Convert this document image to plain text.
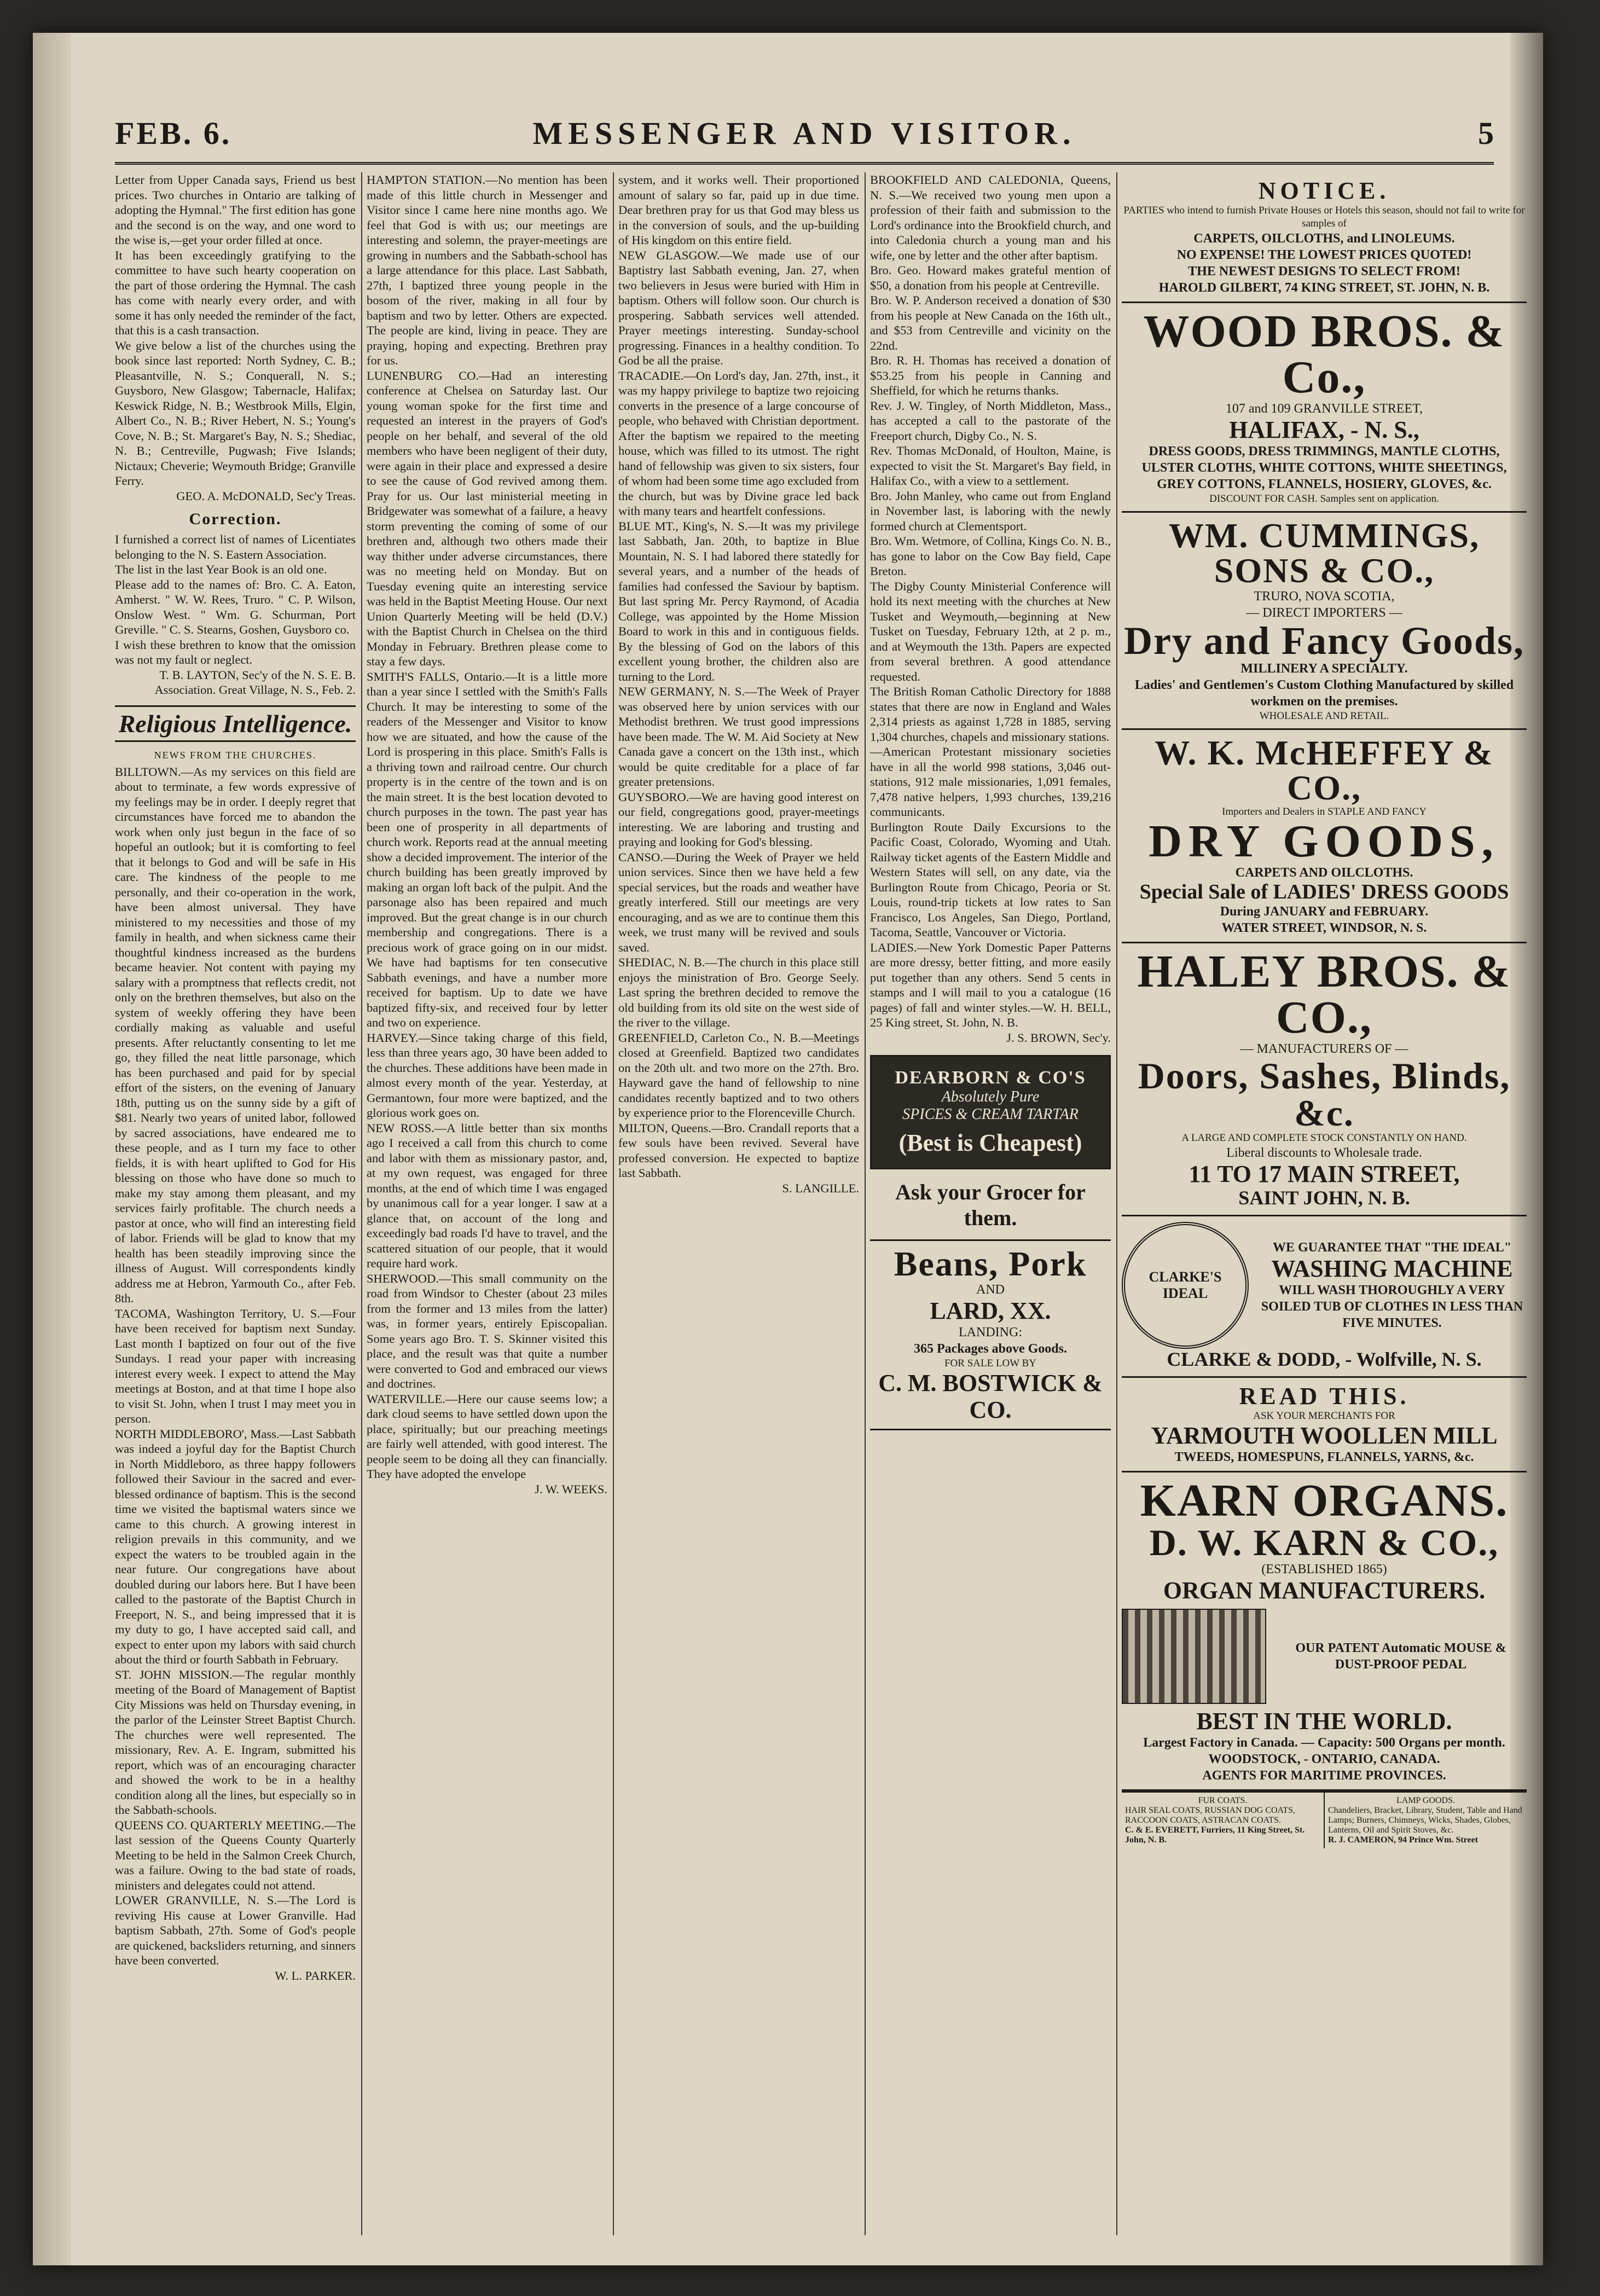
FEB. 6.	MESSENGER AND VISITOR.	5
Letter from Upper Canada says, Friend us best prices. Two churches in Ontario are talking of adopting the Hymnal." The first edition has gone and the second is on the way, and one word to the wise is,—get your order filled at once.
It has been exceedingly gratifying to the committee to have such hearty cooperation on the part of those ordering the Hymnal. The cash has come with nearly every order, and with some it has only needed the reminder of the fact, that this is a cash transaction.
We give below a list of the churches using the book since last reported: North Sydney, C. B.; Pleasantville, N. S.; Conquerall, N. S.; Guysboro, New Glasgow; Tabernacle, Halifax; Keswick Ridge, N. B.; Westbrook Mills, Elgin, Albert Co., N. B.; River Hebert, N. S.; Young's Cove, N. B.; St. Margaret's Bay, N. S.; Shediac, N. B.; Centreville, Pugwash; Five Islands; Nictaux; Cheverie; Weymouth Bridge; Granville Ferry.
GEO. A. McDONALD, Sec'y Treas.
Correction.
I furnished a correct list of names of Licentiates belonging to the N. S. Eastern Association.
The list in the last Year Book is an old one.
Please add to the names of: Bro. C. A. Eaton, Amherst. " W. W. Rees, Truro. " C. P. Wilson, Onslow West. " Wm. G. Schurman, Port Greville. " C. S. Stearns, Goshen, Guysboro co.
I wish these brethren to know that the omission was not my fault or neglect.
T. B. LAYTON, Sec'y of the N. S. E. B. Association. Great Village, N. S., Feb. 2.
Religious Intelligence.
NEWS FROM THE CHURCHES.
BILLTOWN.—As my services on this field are about to terminate, a few words expressive of my feelings may be in order. I deeply regret that circumstances have forced me to abandon the work when only just begun in the face of so hopeful an outlook; but it is comforting to feel that it belongs to God and will be safe in His care. The kindness of the people to me personally, and their co-operation in the work, have been almost universal. They have ministered to my necessities and those of my family in health, and when sickness came their thoughtful kindness increased as the burdens became heavier. Not content with paying my salary with a promptness that reflects credit, not only on the brethren themselves, but also on the system of weekly offering they have been cordially making as valuable and useful presents. After reluctantly consenting to let me go, they filled the neat little parsonage, which has been purchased and paid for by special effort of the sisters, on the evening of January 18th, putting us on the sunny side by a gift of $81. Nearly two years of united labor, followed by sacred associations, have endeared me to these people, and as I turn my face to other fields, it is with heart uplifted to God for His blessing on those who have done so much to make my stay among them pleasant, and my services fairly profitable. The church needs a pastor at once, who will find an interesting field of labor. Friends will be glad to know that my health has been steadily improving since the illness of August. Will correspondents kindly address me at Hebron, Yarmouth Co., after Feb. 8th.
TACOMA, Washington Territory, U. S.—Four have been received for baptism next Sunday. Last month I baptized on four out of the five Sundays. I read your paper with increasing interest every week. I expect to attend the May meetings at Boston, and at that time I hope also to visit St. John, when I trust I may meet you in person.
NORTH MIDDLEBORO', Mass.—Last Sabbath was indeed a joyful day for the Baptist Church in North Middleboro, as three happy followers followed their Saviour in the sacred and ever-blessed ordinance of baptism. This is the second time we visited the baptismal waters since we came to this church. A growing interest in religion prevails in this community, and we expect the waters to be troubled again in the near future. Our congregations have about doubled during our labors here. But I have been called to the pastorate of the Baptist Church in Freeport, N. S., and being impressed that it is my duty to go, I have accepted said call, and expect to enter upon my labors with said church about the third or fourth Sabbath in February.
ST. JOHN MISSION.—The regular monthly meeting of the Board of Management of Baptist City Missions was held on Thursday evening, in the parlor of the Leinster Street Baptist Church. The churches were well represented. The missionary, Rev. A. E. Ingram, submitted his report, which was of an encouraging character and showed the work to be in a healthy condition along all the lines, but especially so in the Sabbath-schools.
QUEENS CO. QUARTERLY MEETING.—The last session of the Queens County Quarterly Meeting to be held in the Salmon Creek Church, was a failure. Owing to the bad state of roads, ministers and delegates could not attend.
LOWER GRANVILLE, N. S.—The Lord is reviving His cause at Lower Granville. Had baptism Sabbath, 27th. Some of God's people are quickened, backsliders returning, and sinners have been converted.
W. L. PARKER.
HAMPTON STATION.—No mention has been made of this little church in Messenger and Visitor since I came here nine months ago. We feel that God is with us; our meetings are interesting and solemn, the prayer-meetings are growing in numbers and the Sabbath-school has a large attendance for this place. Last Sabbath, 27th, I baptized three young people in the bosom of the river, making in all four by baptism and two by letter. Others are expected. The people are kind, living in peace. They are praying, hoping and expecting. Brethren pray for us.
LUNENBURG CO.—Had an interesting conference at Chelsea on Saturday last. Our young woman spoke for the first time and requested an interest in the prayers of God's people on her behalf, and several of the old members who have been negligent of their duty, were again in their place and expressed a desire to see the cause of God revived among them. Pray for us. Our last ministerial meeting in Bridgewater was somewhat of a failure, a heavy storm preventing the coming of some of our brethren and, although two others made their way thither under adverse circumstances, there was no meeting held on Monday. But on Tuesday evening quite an interesting service was held in the Baptist Meeting House. Our next Union Quarterly Meeting will be held (D.V.) with the Baptist Church in Chelsea on the third Monday in February. Brethren please come to stay a few days.
SMITH'S FALLS, Ontario.—It is a little more than a year since I settled with the Smith's Falls Church. It may be interesting to some of the readers of the Messenger and Visitor to know how we are situated, and how the cause of the Lord is prospering in this place. Smith's Falls is a thriving town and railroad centre. Our church property is in the centre of the town and is on the main street. It is the best location devoted to church purposes in the town. The past year has been one of prosperity in all departments of church work. Reports read at the annual meeting show a decided improvement. The interior of the church building has been greatly improved by making an organ loft back of the pulpit. And the parsonage also has been repaired and much improved. But the great change is in our church membership and congregations. There is a precious work of grace going on in our midst. We have had baptisms for ten consecutive Sabbath evenings, and have a number more received for baptism. Up to date we have baptized fifty-six, and received four by letter and two on experience.
HARVEY.—Since taking charge of this field, less than three years ago, 30 have been added to the churches. These additions have been made in almost every month of the year. Yesterday, at Germantown, four more were baptized, and the glorious work goes on.
NEW ROSS.—A little better than six months ago I received a call from this church to come and labor with them as missionary pastor, and, at my own request, was engaged for three months, at the end of which time I was engaged by unanimous call for a year longer. I saw at a glance that, on account of the long and exceedingly bad roads I'd have to travel, and the scattered situation of our people, that it would require hard work.
SHERWOOD.—This small community on the road from Windsor to Chester (about 23 miles from the former and 13 miles from the latter) was, in former years, entirely Episcopalian. Some years ago Bro. T. S. Skinner visited this place, and the result was that quite a number were converted to God and embraced our views and doctrines.
WATERVILLE.—Here our cause seems low; a dark cloud seems to have settled down upon the place, spiritually; but our preaching meetings are fairly well attended, with good interest. The people seem to be doing all they can financially. They have adopted the envelope
J. W. WEEKS.
system, and it works well. Their proportioned amount of salary so far, paid up in due time. Dear brethren pray for us that God may bless us in the conversion of souls, and the up-building of His kingdom on this entire field.
NEW GLASGOW.—We made use of our Baptistry last Sabbath evening, Jan. 27, when two believers in Jesus were buried with Him in baptism. Others will follow soon. Our church is prospering. Sabbath services well attended. Prayer meetings interesting. Sunday-school progressing. Finances in a healthy condition. To God be all the praise.
TRACADIE.—On Lord's day, Jan. 27th, inst., it was my happy privilege to baptize two rejoicing converts in the presence of a large concourse of people, who behaved with Christian deportment. After the baptism we repaired to the meeting house, which was filled to its utmost. The right hand of fellowship was given to six sisters, four of whom had been some time ago excluded from the church, but was by Divine grace led back with many tears and heartfelt confessions.
BLUE MT., King's, N. S.—It was my privilege last Sabbath, Jan. 20th, to baptize in Blue Mountain, N. S. I had labored there statedly for several years, and a number of the heads of families had confessed the Saviour by baptism. But last spring Mr. Percy Raymond, of Acadia College, was appointed by the Home Mission Board to work in this and in contiguous fields. By the blessing of God on the labors of this excellent young brother, the children also are turning to the Lord.
NEW GERMANY, N. S.—The Week of Prayer was observed here by union services with our Methodist brethren. We trust good impressions have been made. The W. M. Aid Society at New Canada gave a concert on the 13th inst., which would be quite creditable for a place of far greater pretensions.
GUYSBORO.—We are having good interest on our field, congregations good, prayer-meetings interesting. We are laboring and trusting and praying and looking for God's blessing.
CANSO.—During the Week of Prayer we held union services. Since then we have held a few special services, but the roads and weather have greatly interfered. Still our meetings are very encouraging, and as we are to continue them this week, we trust many will be revived and souls saved.
SHEDIAC, N. B.—The church in this place still enjoys the ministration of Bro. George Seely. Last spring the brethren decided to remove the old building from its old site on the west side of the river to the village.
GREENFIELD, Carleton Co., N. B.—Meetings closed at Greenfield. Baptized two candidates on the 20th ult. and two more on the 27th. Bro. Hayward gave the hand of fellowship to nine candidates recently baptized and to two others by experience prior to the Florenceville Church.
MILTON, Queens.—Bro. Crandall reports that a few souls have been revived. Several have professed conversion. He expected to baptize last Sabbath.
S. LANGILLE.
BROOKFIELD AND CALEDONIA, Queens, N. S.—We received two young men upon a profession of their faith and submission to the Lord's ordinance into the Brookfield church, and into Caledonia church a young man and his wife, one by letter and the other after baptism.
Bro. Geo. Howard makes grateful mention of $50, a donation from his people at Centreville.
Bro. W. P. Anderson received a donation of $30 from his people at New Canada on the 16th ult., and $53 from Centreville and vicinity on the 22nd.
Bro. R. H. Thomas has received a donation of $53.25 from his people in Canning and Sheffield, for which he returns thanks.
Rev. J. W. Tingley, of North Middleton, Mass., has accepted a call to the pastorate of the Freeport church, Digby Co., N. S.
Rev. Thomas McDonald, of Houlton, Maine, is expected to visit the St. Margaret's Bay field, in Halifax Co., with a view to a settlement.
Bro. John Manley, who came out from England in November last, is laboring with the newly formed church at Clementsport.
Bro. Wm. Wetmore, of Collina, Kings Co. N. B., has gone to labor on the Cow Bay field, Cape Breton.
The Digby County Ministerial Conference will hold its next meeting with the churches at New Tusket and Weymouth,—beginning at New Tusket on Tuesday, February 12th, at 2 p. m., and at Weymouth the 13th. Papers are expected from several brethren. A good attendance requested.
The British Roman Catholic Directory for 1888 states that there are now in England and Wales 2,314 priests as against 1,728 in 1885, serving 1,304 churches, chapels and missionary stations.
—American Protestant missionary societies have in all the world 998 stations, 3,046 out-stations, 912 male missionaries, 1,091 females, 7,478 native helpers, 1,993 churches, 139,216 communicants.
Burlington Route Daily Excursions to the Pacific Coast, Colorado, Wyoming and Utah. Railway ticket agents of the Eastern Middle and Western States will sell, on any date, via the Burlington Route from Chicago, Peoria or St. Louis, round-trip tickets at low rates to San Francisco, Los Angeles, San Diego, Portland, Tacoma, Seattle, Vancouver or Victoria.
LADIES.—New York Domestic Paper Patterns are more dressy, better fitting, and more easily put together than any others. Send 5 cents in stamps and I will mail to you a catalogue (16 pages) of fall and winter styles.—W. H. BELL, 25 King street, St. John, N. B.
J. S. BROWN, Sec'y.
DEARBORN & CO'S
Absolutely Pure
SPICES & CREAM TARTAR
(Best is Cheapest)
Ask your Grocer for them.
Beans, Pork
AND
LARD, XX.
LANDING:
365 Packages above Goods.
FOR SALE LOW BY
C. M. BOSTWICK & CO.
NOTICE.
PARTIES who intend to furnish Private Houses or Hotels this season, should not fail to write for samples of
CARPETS, OILCLOTHS, and LINOLEUMS.
NO EXPENSE! THE LOWEST PRICES QUOTED!
THE NEWEST DESIGNS TO SELECT FROM!
HAROLD GILBERT, 74 KING STREET, ST. JOHN, N. B.
WOOD BROS. & Co.,
107 and 109 GRANVILLE STREET,
HALIFAX, - N. S.,
DRESS GOODS, DRESS TRIMMINGS, MANTLE CLOTHS, ULSTER CLOTHS, WHITE COTTONS, WHITE SHEETINGS, GREY COTTONS, FLANNELS, HOSIERY, GLOVES, &c.
DISCOUNT FOR CASH. Samples sent on application.
WM. CUMMINGS, SONS & CO.,
TRURO, NOVA SCOTIA,
— DIRECT IMPORTERS —
Dry and Fancy Goods,
MILLINERY A SPECIALTY.
Ladies' and Gentlemen's Custom Clothing Manufactured by skilled workmen on the premises.
WHOLESALE AND RETAIL.
W. K. McHEFFEY & CO.,
Importers and Dealers in STAPLE AND FANCY
DRY GOODS,
CARPETS AND OILCLOTHS.
Special Sale of LADIES' DRESS GOODS
During JANUARY and FEBRUARY.
WATER STREET, WINDSOR, N. S.
HALEY BROS. & CO.,
— MANUFACTURERS OF —
Doors, Sashes, Blinds, &c.
A LARGE AND COMPLETE STOCK CONSTANTLY ON HAND.
Liberal discounts to Wholesale trade.
11 TO 17 MAIN STREET,
SAINT JOHN, N. B.
CLARKE'S IDEAL
WE GUARANTEE THAT "THE IDEAL"
WASHING MACHINE
WILL WASH THOROUGHLY A VERY SOILED TUB OF CLOTHES IN LESS THAN FIVE MINUTES.
CLARKE & DODD, - Wolfville, N. S.
READ THIS.
ASK YOUR MERCHANTS FOR
YARMOUTH WOOLLEN MILL
TWEEDS, HOMESPUNS, FLANNELS, YARNS, &c.
KARN ORGANS.
D. W. KARN & CO.,
(ESTABLISHED 1865)
ORGAN MANUFACTURERS.
OUR PATENT Automatic MOUSE & DUST-PROOF PEDAL
BEST IN THE WORLD.
Largest Factory in Canada. — Capacity: 500 Organs per month.
WOODSTOCK, - ONTARIO, CANADA.
AGENTS FOR MARITIME PROVINCES.
FUR COATS.
HAIR SEAL COATS, RUSSIAN DOG COATS, RACCOON COATS, ASTRACAN COATS.
C. & E. EVERETT, Furriers, 11 King Street, St. John, N. B.
LAMP GOODS.
Chandeliers, Bracket, Library, Student, Table and Hand Lamps; Burners, Chimneys, Wicks, Shades, Globes, Lanterns, Oil and Spirit Stoves, &c.
R. J. CAMERON, 94 Prince Wm. Street
